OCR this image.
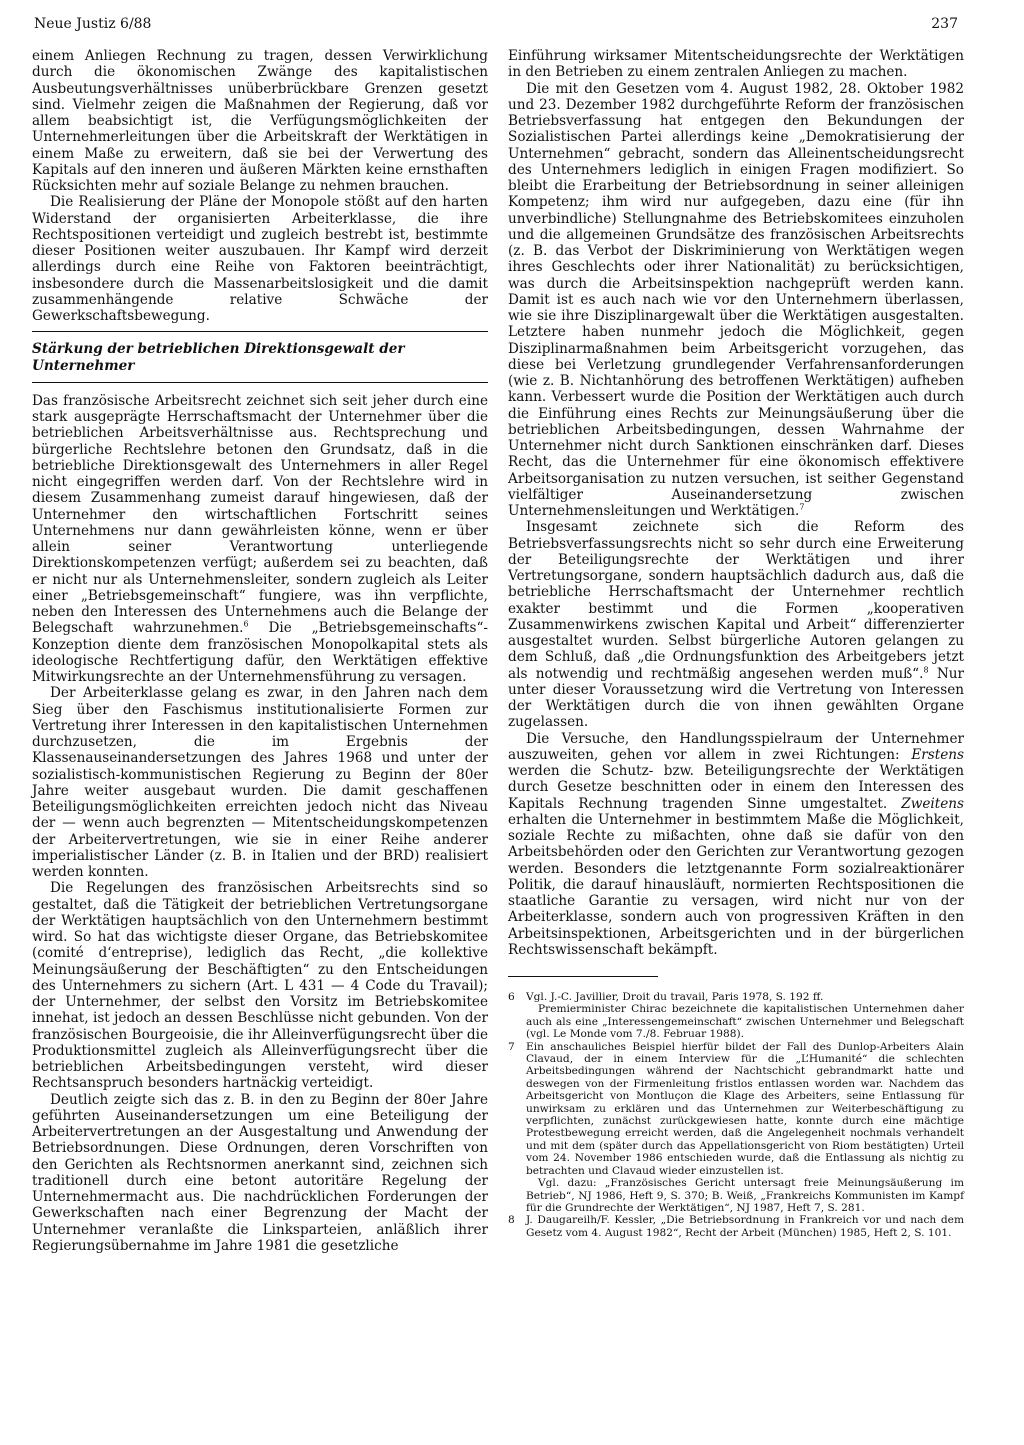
Neue Justiz 6/88	237

einem Anliegen Rechnung zu tragen, dessen Verwirklichung durch die ökonomischen Zwänge des kapitalistischen Ausbeutungsverhältnisses unüberbrückbare Grenzen gesetzt sind. Vielmehr zeigen die Maßnahmen der Regierung, daß vor allem beabsichtigt ist, die Verfügungsmöglichkeiten der Unternehmerleitungen über die Arbeitskraft der Werktätigen in einem Maße zu erweitern, daß sie bei der Verwertung des Kapitals auf den inneren und äußeren Märkten keine ernsthaften Rücksichten mehr auf soziale Belange zu nehmen brauchen.

Die Realisierung der Pläne der Monopole stößt auf den harten Widerstand der organisierten Arbeiterklasse, die ihre Rechtspositionen verteidigt und zugleich bestrebt ist, bestimmte dieser Positionen weiter auszubauen. Ihr Kampf wird derzeit allerdings durch eine Reihe von Faktoren beeinträchtigt, insbesondere durch die Massenarbeitslosigkeit und die damit zusammenhängende relative Schwäche der Gewerkschaftsbewegung.

Stärkung der betrieblichen Direktionsgewalt der Unternehmer

Das französische Arbeitsrecht zeichnet sich seit jeher durch eine stark ausgeprägte Herrschaftsmacht der Unternehmer über die betrieblichen Arbeitsverhältnisse aus. Rechtsprechung und bürgerliche Rechtslehre betonen den Grundsatz, daß in die betriebliche Direktionsgewalt des Unternehmers in aller Regel nicht eingegriffen werden darf. Von der Rechtslehre wird in diesem Zusammenhang zumeist darauf hingewiesen, daß der Unternehmer den wirtschaftlichen Fortschritt seines Unternehmens nur dann gewährleisten könne, wenn er über allein seiner Verantwortung unterliegende Direktionskompetenzen verfügt; außerdem sei zu beachten, daß er nicht nur als Unternehmensleiter, sondern zugleich als Leiter einer „Betriebsgemeinschaft“ fungiere, was ihn verpflichte, neben den Interessen des Unternehmens auch die Belange der Belegschaft wahrzunehmen.$^6$ Die „Betriebsgemeinschafts“-Konzeption diente dem französischen Monopolkapital stets als ideologische Rechtfertigung dafür, den Werktätigen effektive Mitwirkungsrechte an der Unternehmensführung zu versagen.

Der Arbeiterklasse gelang es zwar, in den Jahren nach dem Sieg über den Faschismus institutionalisierte Formen zur Vertretung ihrer Interessen in den kapitalistischen Unternehmen durchzusetzen, die im Ergebnis der Klassenauseinandersetzungen des Jahres 1968 und unter der sozialistisch-kommunistischen Regierung zu Beginn der 80er Jahre weiter ausgebaut wurden. Die damit geschaffenen Beteiligungsmöglichkeiten erreichten jedoch nicht das Niveau der — wenn auch begrenzten — Mitentscheidungskompetenzen der Arbeitervertretungen, wie sie in einer Reihe anderer imperialistischer Länder (z. B. in Italien und der BRD) realisiert werden konnten.

Die Regelungen des französischen Arbeitsrechts sind so gestaltet, daß die Tätigkeit der betrieblichen Vertretungsorgane der Werktätigen hauptsächlich von den Unternehmern bestimmt wird. So hat das wichtigste dieser Organe, das Betriebskomitee (comité d‘entreprise), lediglich das Recht, „die kollektive Meinungsäußerung der Beschäftigten“ zu den Entscheidungen des Unternehmers zu sichern (Art. L 431 — 4 Code du Travail); der Unternehmer, der selbst den Vorsitz im Betriebskomitee innehat, ist jedoch an dessen Beschlüsse nicht gebunden. Von der französischen Bourgeoisie, die ihr Alleinverfügungsrecht über die Produktionsmittel zugleich als Alleinverfügungsrecht über die betrieblichen Arbeitsbedingungen versteht, wird dieser Rechtsanspruch besonders hartnäckig verteidigt.

Deutlich zeigte sich das z. B. in den zu Beginn der 80er Jahre geführten Auseinandersetzungen um eine Beteiligung der Arbeitervertretungen an der Ausgestaltung und Anwendung der Betriebsordnungen. Diese Ordnungen, deren Vorschriften von den Gerichten als Rechtsnormen anerkannt sind, zeichnen sich traditionell durch eine betont autoritäre Regelung der Unternehmermacht aus. Die nachdrücklichen Forderungen der Gewerkschaften nach einer Begrenzung der Macht der Unternehmer veranlaßte die Linksparteien, anläßlich ihrer Regierungsübernahme im Jahre 1981 die gesetzliche

Einführung wirksamer Mitentscheidungsrechte der Werktätigen in den Betrieben zu einem zentralen Anliegen zu machen.

Die mit den Gesetzen vom 4. August 1982, 28. Oktober 1982 und 23. Dezember 1982 durchgeführte Reform der französischen Betriebsverfassung hat entgegen den Bekundungen der Sozialistischen Partei allerdings keine „Demokratisierung der Unternehmen“ gebracht, sondern das Alleinentscheidungsrecht des Unternehmers lediglich in einigen Fragen modifiziert. So bleibt die Erarbeitung der Betriebsordnung in seiner alleinigen Kompetenz; ihm wird nur aufgegeben, dazu eine (für ihn unverbindliche) Stellungnahme des Betriebskomitees einzuholen und die allgemeinen Grundsätze des französischen Arbeitsrechts (z. B. das Verbot der Diskriminierung von Werktätigen wegen ihres Geschlechts oder ihrer Nationalität) zu berücksichtigen, was durch die Arbeitsinspektion nachgeprüft werden kann. Damit ist es auch nach wie vor den Unternehmern überlassen, wie sie ihre Disziplinargewalt über die Werktätigen ausgestalten. Letztere haben nunmehr jedoch die Möglichkeit, gegen Disziplinarmaßnahmen beim Arbeitsgericht vorzugehen, das diese bei Verletzung grundlegender Verfahrensanforderungen (wie z. B. Nichtanhörung des betroffenen Werktätigen) aufheben kann. Verbessert wurde die Position der Werktätigen auch durch die Einführung eines Rechts zur Meinungsäußerung über die betrieblichen Arbeitsbedingungen, dessen Wahrnahme der Unternehmer nicht durch Sanktionen einschränken darf. Dieses Recht, das die Unternehmer für eine ökonomisch effektivere Arbeitsorganisation zu nutzen versuchen, ist seither Gegenstand vielfältiger Auseinandersetzung zwischen Unternehmensleitungen und Werktätigen.$^7$

Insgesamt zeichnete sich die Reform des Betriebsverfassungsrechts nicht so sehr durch eine Erweiterung der Beteiligungsrechte der Werktätigen und ihrer Vertretungsorgane, sondern hauptsächlich dadurch aus, daß die betriebliche Herrschaftsmacht der Unternehmer rechtlich exakter bestimmt und die Formen „kooperativen Zusammenwirkens zwischen Kapital und Arbeit“ differenzierter ausgestaltet wurden. Selbst bürgerliche Autoren gelangen zu dem Schluß, daß „die Ordnungsfunktion des Arbeitgebers jetzt als notwendig und rechtmäßig angesehen werden muß“.$^8$ Nur unter dieser Voraussetzung wird die Vertretung von Interessen der Werktätigen durch die von ihnen gewählten Organe zugelassen.

Die Versuche, den Handlungsspielraum der Unternehmer auszuweiten, gehen vor allem in zwei Richtungen: Erstens werden die Schutz- bzw. Beteiligungsrechte der Werktätigen durch Gesetze beschnitten oder in einem den Interessen des Kapitals Rechnung tragenden Sinne umgestaltet. Zweitens erhalten die Unternehmer in bestimmtem Maße die Möglichkeit, soziale Rechte zu mißachten, ohne daß sie dafür von den Arbeitsbehörden oder den Gerichten zur Verantwortung gezogen werden. Besonders die letztgenannte Form sozialreaktionärer Politik, die darauf hinausläuft, normierten Rechtspositionen die staatliche Garantie zu versagen, wird nicht nur von der Arbeiterklasse, sondern auch von progressiven Kräften in den Arbeitsinspektionen, Arbeitsgerichten und in der bürgerlichen Rechtswissenschaft bekämpft.

6	Vgl. J.-C. Javillier, Droit du travail, Paris 1978, S. 192 ff.
Premierminister Chirac bezeichnete die kapitalistischen Unternehmen daher auch als eine „Interessengemeinschaft“ zwischen Unternehmer und Belegschaft (vgl. Le Monde vom 7./8. Februar 1988).
7	Ein anschauliches Beispiel hierfür bildet der Fall des Dunlop-Arbeiters Alain Clavaud, der in einem Interview für die „L’Humanité“ die schlechten Arbeitsbedingungen während der Nachtschicht gebrandmarkt hatte und deswegen von der Firmenleitung fristlos entlassen worden war. Nachdem das Arbeitsgericht von Montluçon die Klage des Arbeiters, seine Entlassung für unwirksam zu erklären und das Unternehmen zur Weiterbeschäftigung zu verpflichten, zunächst zurückgewiesen hatte, konnte durch eine mächtige Protestbewegung erreicht werden, daß die Angelegenheit nochmals verhandelt und mit dem (später durch das Appellationsgericht von Riom bestätigten) Urteil vom 24. November 1986 entschieden wurde, daß die Entlassung als nichtig zu betrachten und Clavaud wieder einzustellen ist.
Vgl. dazu: „Französisches Gericht untersagt freie Meinungsäußerung im Betrieb“, NJ 1986, Heft 9, S. 370; B. Weiß, „Frankreichs Kommunisten im Kampf für die Grundrechte der Werktätigen“, NJ 1987, Heft 7, S. 281.
8	J. Daugareilh/F. Kessler, „Die Betriebsordnung in Frankreich vor und nach dem Gesetz vom 4. August 1982“, Recht der Arbeit (München) 1985, Heft 2, S. 101.
